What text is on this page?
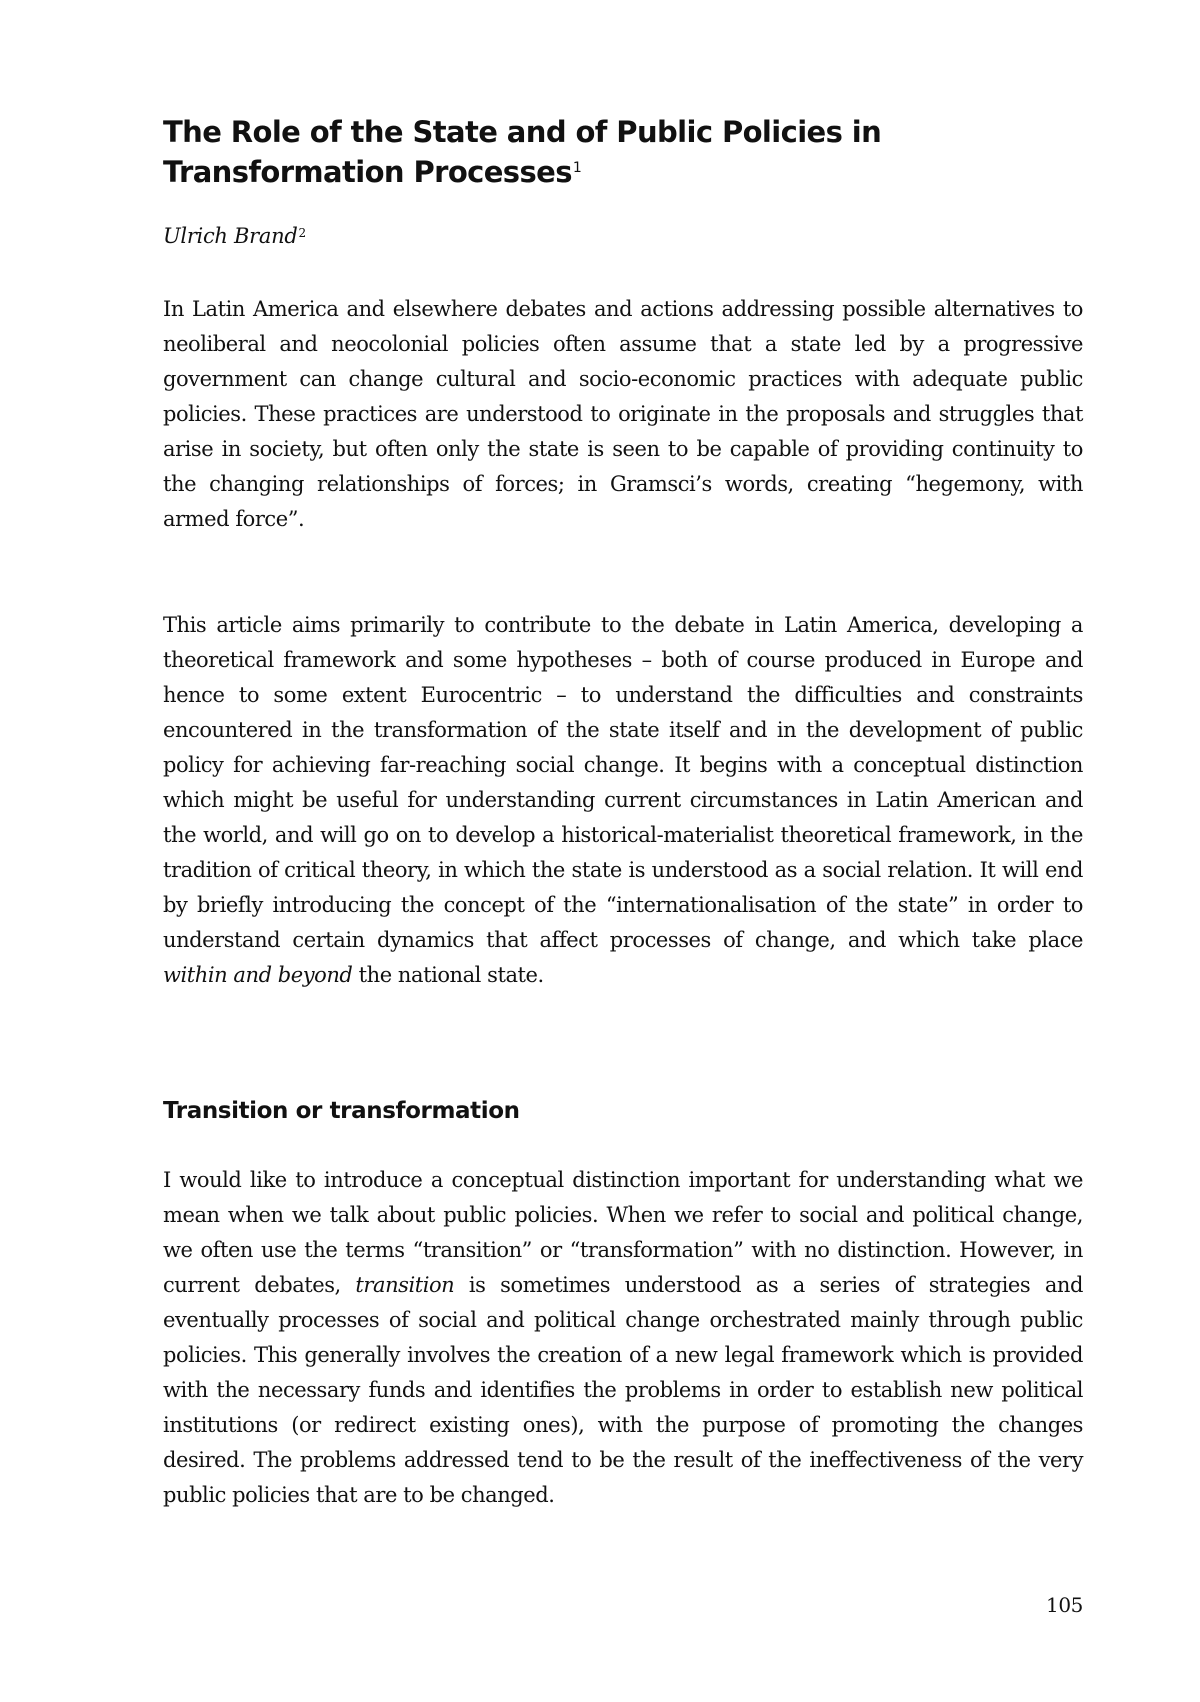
The Role of the State and of Public Policies in Transformation Processes$^1$

Ulrich Brand$^2$

In Latin America and elsewhere debates and actions addressing possible alternatives to neoliberal and neocolonial policies often assume that a state led by a progressive government can change cultural and socio-economic practices with adequate public policies. These practices are understood to originate in the proposals and struggles that arise in society, but often only the state is seen to be capable of providing continuity to the changing relationships of forces; in Gramsci’s words, creating “hegemony, with armed force”.

This article aims primarily to contribute to the debate in Latin America, developing a theoretical framework and some hypotheses – both of course produced in Europe and hence to some extent Eurocentric – to understand the difficulties and constraints encountered in the transformation of the state itself and in the development of public policy for achieving far-reaching social change. It begins with a conceptual distinction which might be useful for understanding current circumstances in Latin American and the world, and will go on to develop a historical-materialist theoretical framework, in the tradition of critical theory, in which the state is understood as a social relation. It will end by briefly introducing the concept of the “internationalisation of the state” in order to understand certain dynamics that affect processes of change, and which take place within and beyond the national state.

Transition or transformation

I would like to introduce a conceptual distinction important for understanding what we mean when we talk about public policies. When we refer to social and political change, we often use the terms “transition” or “transformation” with no distinction. However, in current debates, transition is sometimes understood as a series of strategies and eventually processes of social and political change orchestrated mainly through public policies. This generally involves the creation of a new legal framework which is provided with the necessary funds and identifies the problems in order to establish new political institutions (or redirect existing ones), with the purpose of promoting the changes desired. The problems addressed tend to be the result of the ineffectiveness of the very public policies that are to be changed.

105
